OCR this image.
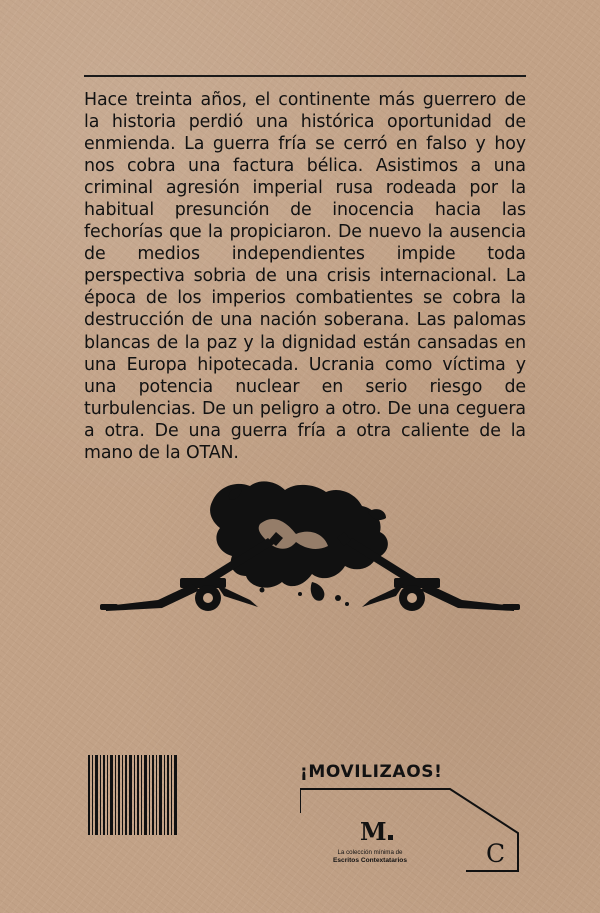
Hace treinta años, el continente más guerrero de la historia perdió una histórica oportunidad de enmienda. La guerra fría se cerró en falso y hoy nos cobra una factura bélica. Asistimos a una criminal agresión imperial rusa rodeada por la habitual presunción de inocencia hacia las fechorías que la propiciaron. De nuevo la ausencia de medios independientes impide toda perspectiva sobria de una crisis internacional. La época de los imperios combatientes se cobra la destrucción de una nación soberana. Las palomas blancas de la paz y la dignidad están cansadas en una Europa hipotecada. Ucrania como víctima y una potencia nuclear en serio riesgo de turbulencias. De un peligro a otro. De una ceguera a otra. De una guerra fría a otra caliente de la mano de la OTAN.

¡MOVILIZAOS!
M
La colección mínima de
Escritos Contextatarios	C
